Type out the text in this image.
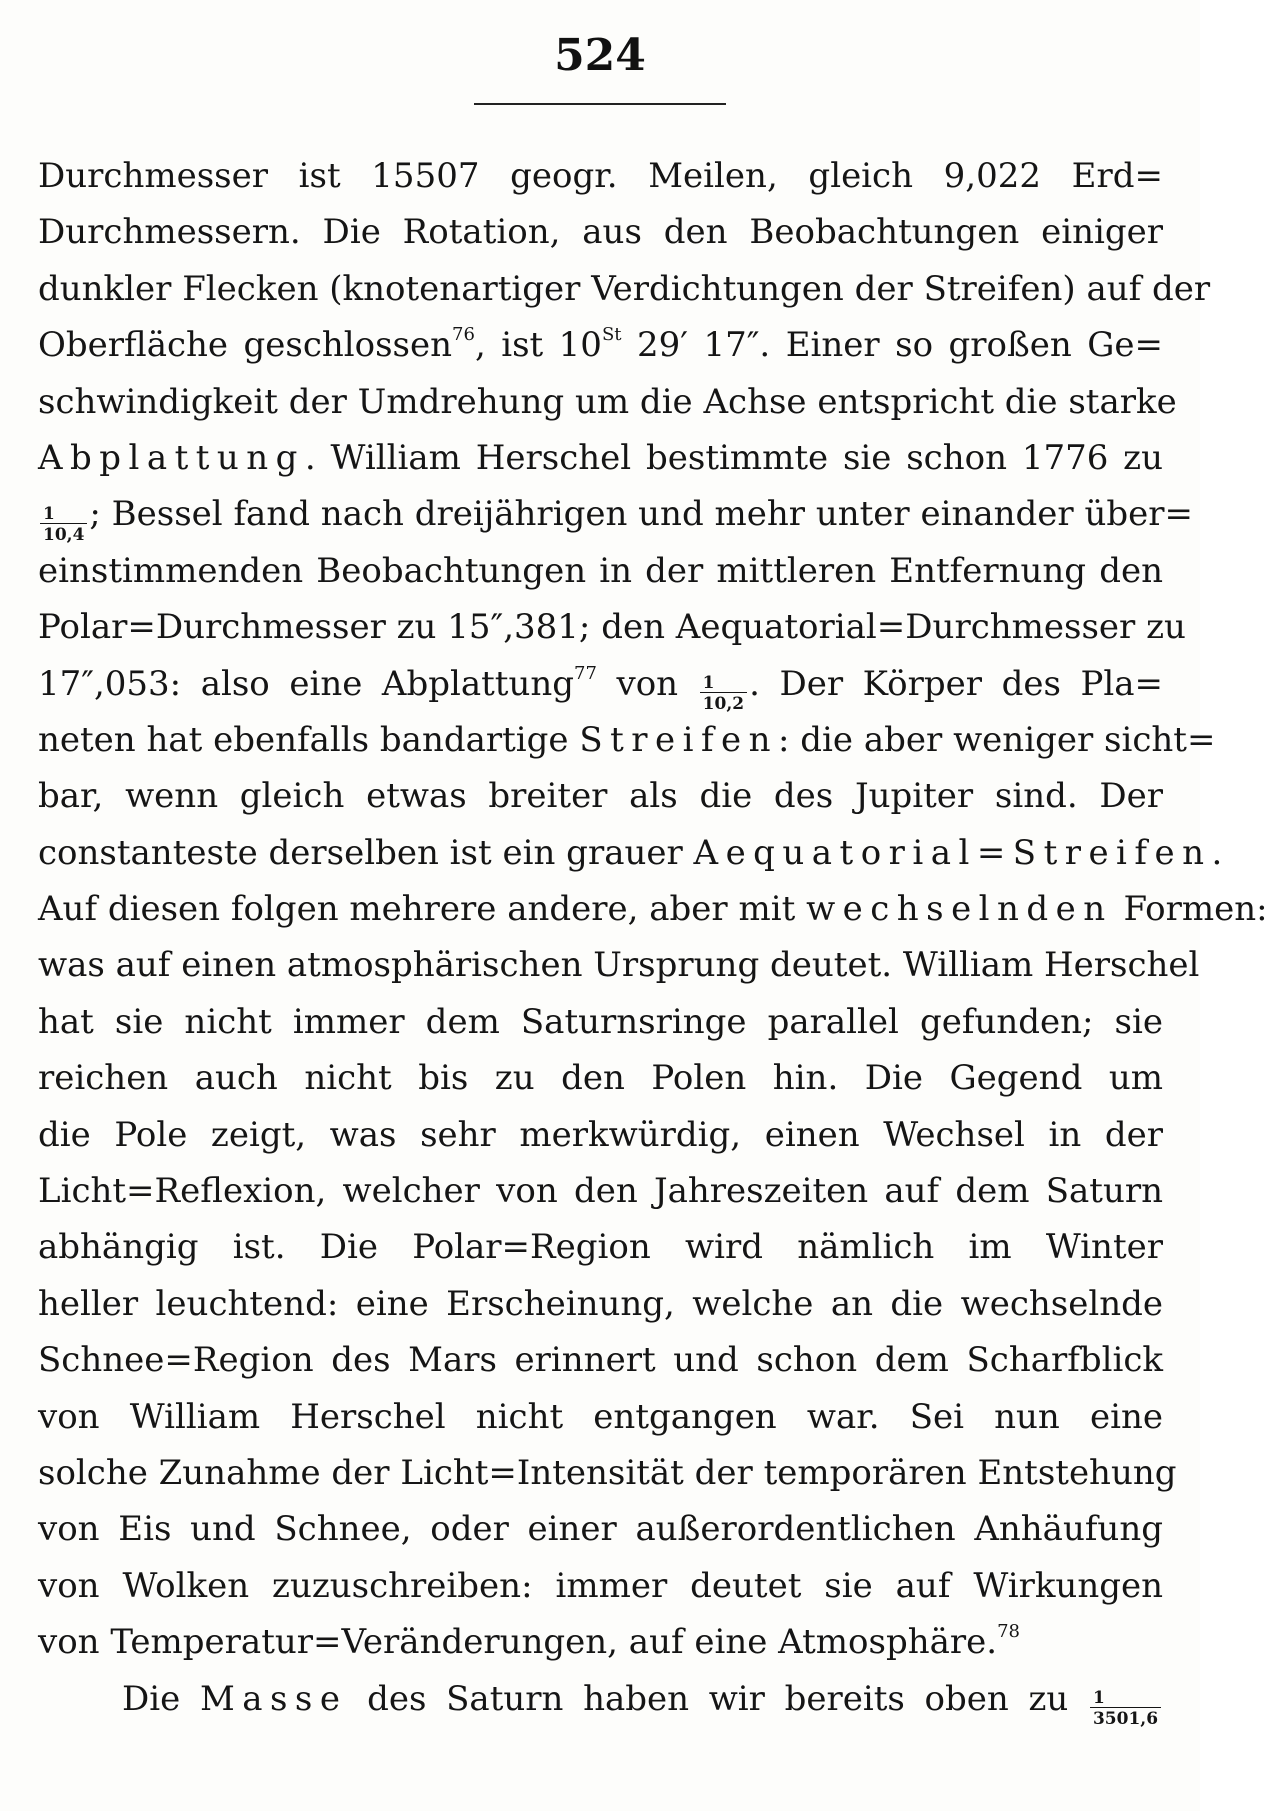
524
Durchmesser ist 15507 geogr. Meilen, gleich 9,022 Erd=
Durchmessern. Die Rotation, aus den Beobachtungen einiger
dunkler Flecken (knotenartiger Verdichtungen der Streifen) auf der
Oberfläche geschlossen$^{76}$, ist 10St 29′ 17″. Einer so großen Ge=
schwindigkeit der Umdrehung um die Achse entspricht die starke
Abplattung. William Herschel bestimmte sie schon 1776 zu
$\frac{1}{10,4}$ ; Bessel fand nach dreijährigen und mehr unter einander über=
einstimmenden Beobachtungen in der mittleren Entfernung den
Polar=Durchmesser zu 15″,381; den Aequatorial=Durchmesser zu
17″,053: also eine Abplattung$^{77}$ von $\frac{1}{10,2}$ . Der Körper des Pla=
neten hat ebenfalls bandartige Streifen: die aber weniger sicht=
bar, wenn gleich etwas breiter als die des Jupiter sind. Der
constanteste derselben ist ein grauer Aequatorial=Streifen.
Auf diesen folgen mehrere andere, aber mit wechselnden Formen:
was auf einen atmosphärischen Ursprung deutet. William Herschel
hat sie nicht immer dem Saturnsringe parallel gefunden; sie
reichen auch nicht bis zu den Polen hin. Die Gegend um
die Pole zeigt, was sehr merkwürdig, einen Wechsel in der
Licht=Reflexion, welcher von den Jahreszeiten auf dem Saturn
abhängig ist. Die Polar=Region wird nämlich im Winter
heller leuchtend: eine Erscheinung, welche an die wechselnde
Schnee=Region des Mars erinnert und schon dem Scharfblick
von William Herschel nicht entgangen war. Sei nun eine
solche Zunahme der Licht=Intensität der temporären Entstehung
von Eis und Schnee, oder einer außerordentlichen Anhäufung
von Wolken zuzuschreiben: immer deutet sie auf Wirkungen
von Temperatur=Veränderungen, auf eine Atmosphäre.$^{78}$
Die Masse des Saturn haben wir bereits oben zu $\frac{1}{3501,6}$
